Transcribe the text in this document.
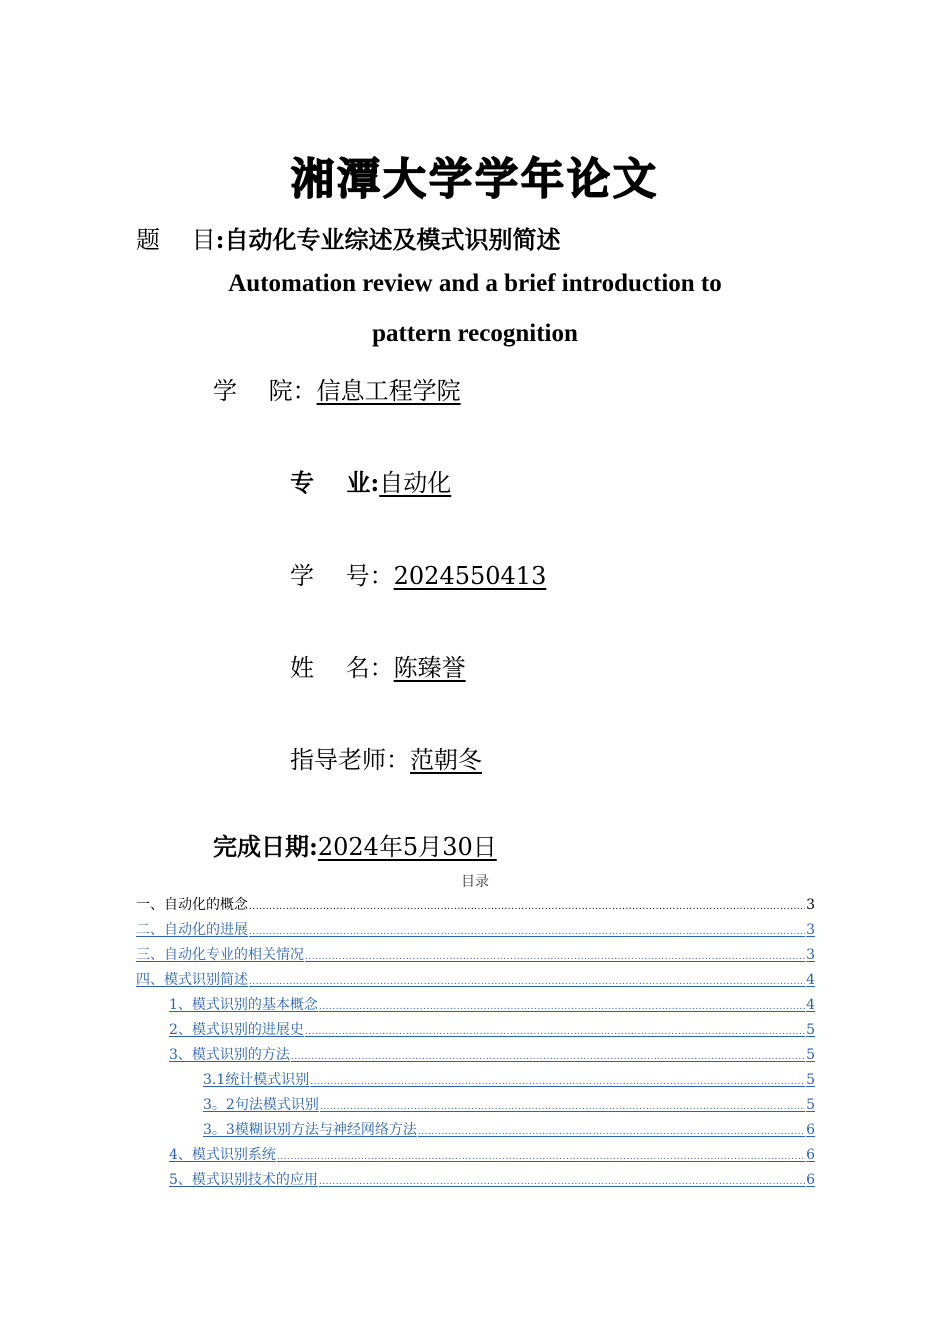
湘潭大学学年论文
题　 目:自动化专业综述及模式识别简述
Automation review and a brief introduction to
pattern recognition
学　 院：信息工程学院
专　 业:自动化
学　 号：2024550413
姓　 名：陈臻誉
指导老师：范朝冬
完成日期:2024年5月30日
目录
一、自动化的概念 .....	3
二、自动化的进展 .....	3
三、自动化专业的相关情况 .....	3
四、模式识别简述 .....	4
1、模式识别的基本概念 .....	4
2、模式识别的进展史 .....	5
3、模式识别的方法 .....	5
3.1统计模式识别 .....	5
3。2句法模式识别 .....	5
3。3模糊识别方法与神经网络方法 .....	6
4、模式识别系统 .....	6
5、模式识别技术的应用 .....	6
